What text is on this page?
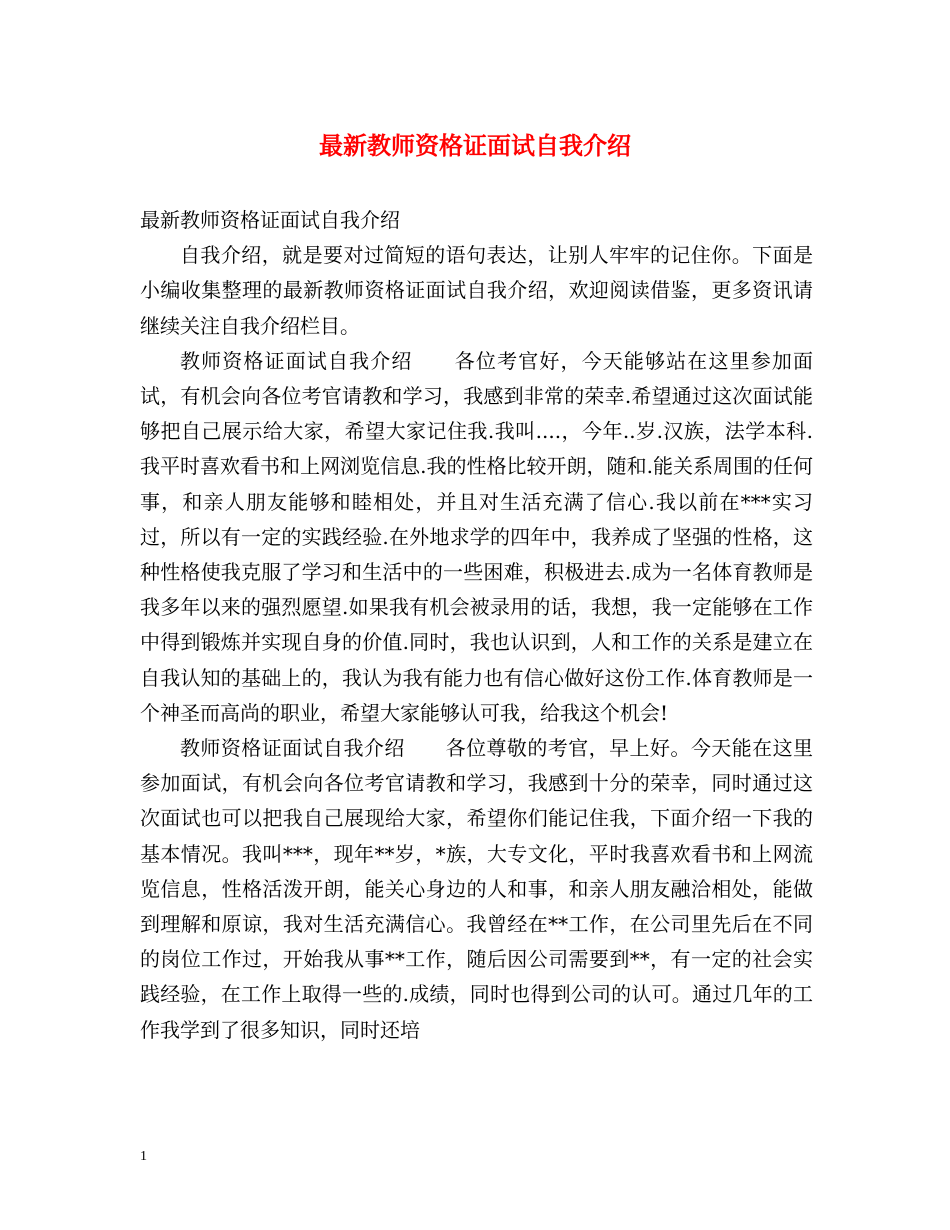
最新教师资格证面试自我介绍

最新教师资格证面试自我介绍

自我介绍，就是要对过简短的语句表达，让别人牢牢的记住你。下面是小编收集整理的最新教师资格证面试自我介绍，欢迎阅读借鉴，更多资讯请继续关注自我介绍栏目。

教师资格证面试自我介绍　　各位考官好，今天能够站在这里参加面试，有机会向各位考官请教和学习，我感到非常的荣幸.希望通过这次面试能够把自己展示给大家，希望大家记住我.我叫....，今年..岁.汉族，法学本科.我平时喜欢看书和上网浏览信息.我的性格比较开朗，随和.能关系周围的任何事，和亲人朋友能够和睦相处，并且对生活充满了信心.我以前在***实习过，所以有一定的实践经验.在外地求学的四年中，我养成了坚强的性格，这种性格使我克服了学习和生活中的一些困难，积极进去.成为一名体育教师是我多年以来的强烈愿望.如果我有机会被录用的话，我想，我一定能够在工作中得到锻炼并实现自身的价值.同时，我也认识到，人和工作的关系是建立在自我认知的基础上的，我认为我有能力也有信心做好这份工作.体育教师是一个神圣而高尚的职业，希望大家能够认可我，给我这个机会!

教师资格证面试自我介绍　　各位尊敬的考官，早上好。今天能在这里参加面试，有机会向各位考官请教和学习，我感到十分的荣幸，同时通过这次面试也可以把我自己展现给大家，希望你们能记住我，下面介绍一下我的基本情况。我叫***，现年**岁，*族，大专文化，平时我喜欢看书和上网流览信息，性格活泼开朗，能关心身边的人和事，和亲人朋友融洽相处，能做到理解和原谅，我对生活充满信心。我曾经在**工作，在公司里先后在不同的岗位工作过，开始我从事**工作，随后因公司需要到**，有一定的社会实践经验，在工作上取得一些的.成绩，同时也得到公司的认可。通过几年的工作我学到了很多知识，同时还培

1
